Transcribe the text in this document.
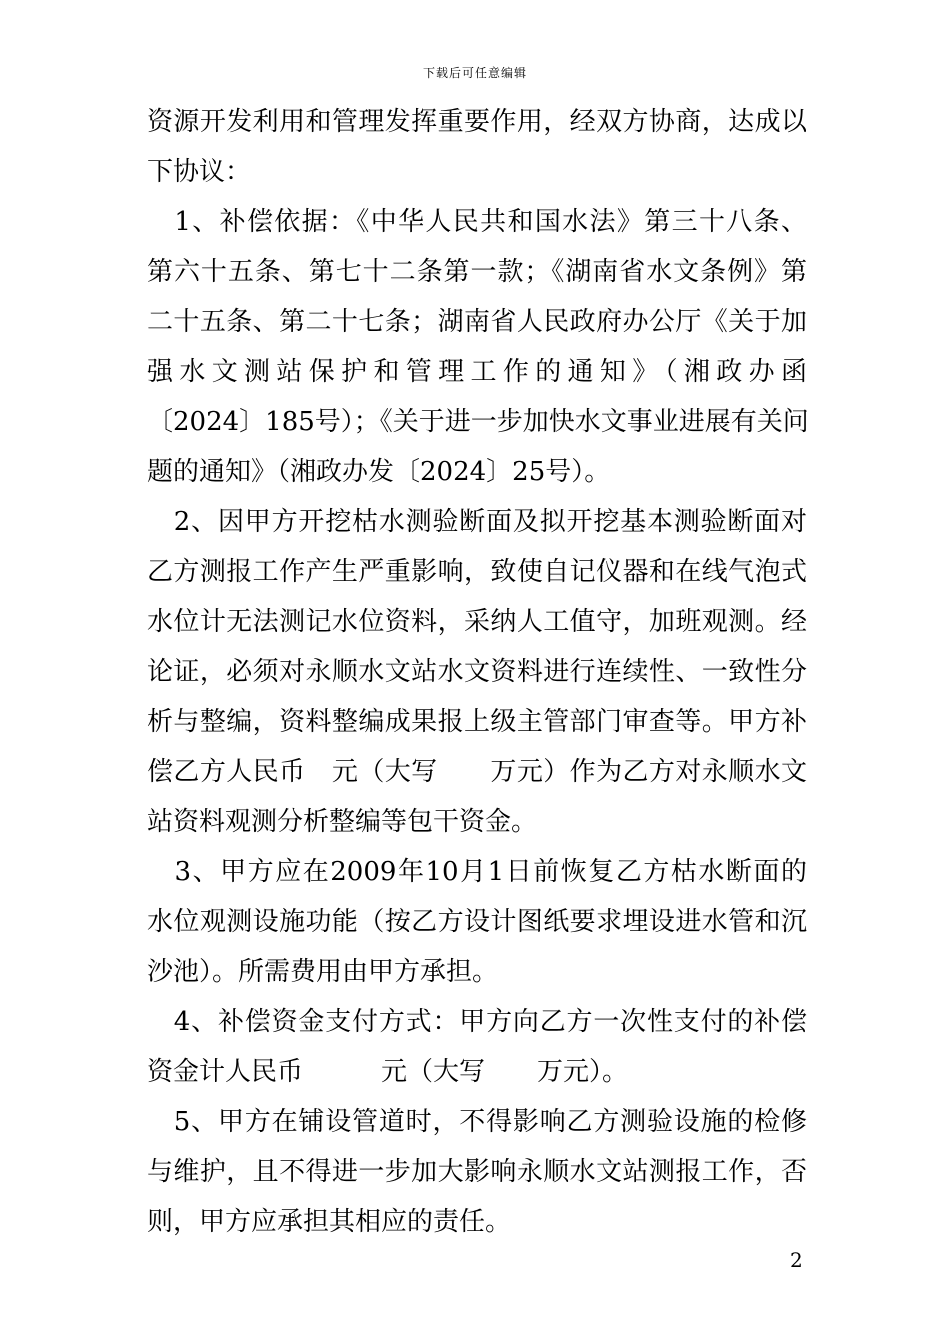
下载后可任意编辑
资源开发利用和管理发挥重要作用，经双方协商，达成以
下协议：
　1、补偿依据：《中华人民共和国水法》第三十八条、
第六十五条、第七十二条第一款；《湖南省水文条例》第
二十五条、第二十七条；湖南省人民政府办公厅《关于加
强水文测站保护和管理工作的通知》（湘政办函
〔2024〕185号）；《关于进一步加快水文事业进展有关问
题的通知》（湘政办发〔2024〕25号）。
　2、因甲方开挖枯水测验断面及拟开挖基本测验断面对
乙方测报工作产生严重影响，致使自记仪器和在线气泡式
水位计无法测记水位资料，采纳人工值守，加班观测。经
论证，必须对永顺水文站水文资料进行连续性、一致性分
析与整编，资料整编成果报上级主管部门审查等。甲方补
偿乙方人民币　元（大写　　万元）作为乙方对永顺水文
站资料观测分析整编等包干资金。
　3、甲方应在2009年10月1日前恢复乙方枯水断面的
水位观测设施功能（按乙方设计图纸要求埋设进水管和沉
沙池）。所需费用由甲方承担。
　4、补偿资金支付方式：甲方向乙方一次性支付的补偿
资金计人民币　　　元（大写　　万元）。
　5、甲方在铺设管道时，不得影响乙方测验设施的检修
与维护，且不得进一步加大影响永顺水文站测报工作，否
则，甲方应承担其相应的责任。
2
